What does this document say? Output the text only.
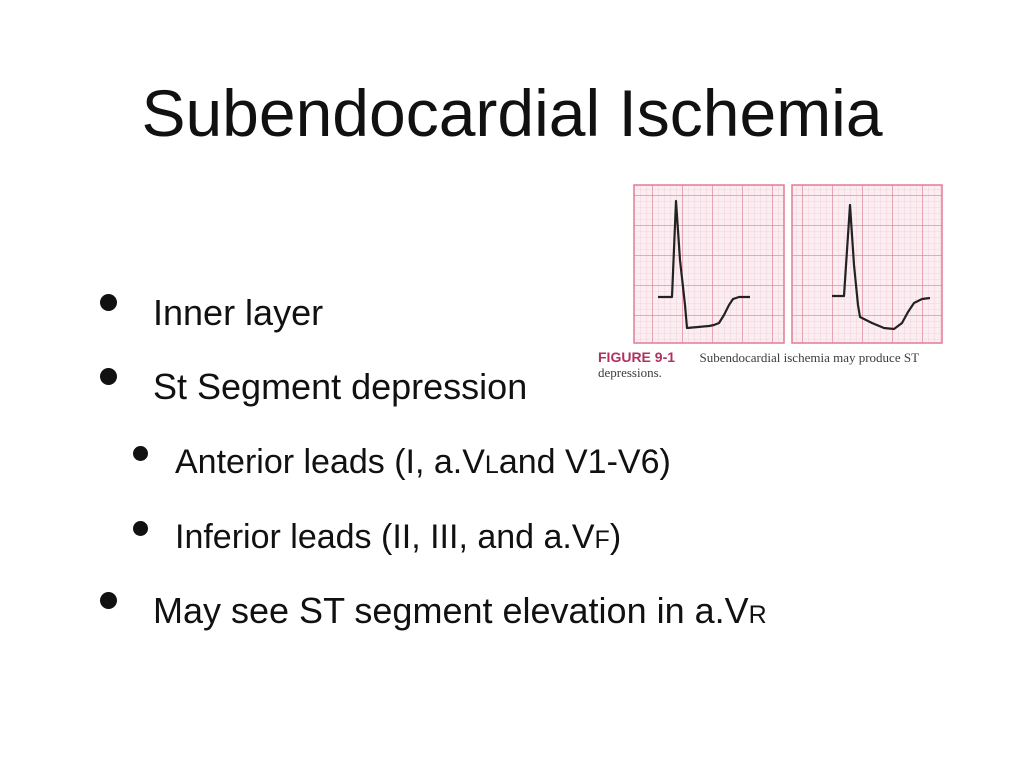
Subendocardial Ischemia
Inner layer
St Segment depression
Anterior leads (I, a.V L and V1-V6)
Inferior leads (II, III, and a.V F )
May see ST segment elevation in a.V R
FIGURE 9-1 Subendocardial ischemia may produce ST
depressions.
